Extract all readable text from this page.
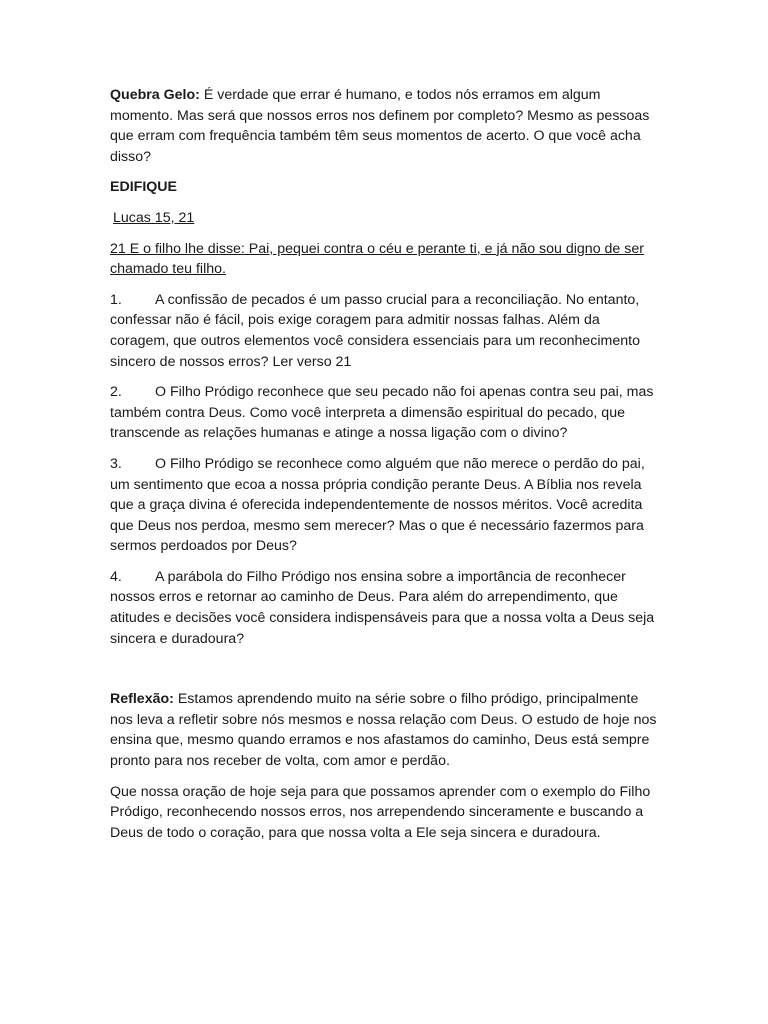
Quebra Gelo: É verdade que errar é humano, e todos nós erramos em algum momento. Mas será que nossos erros nos definem por completo? Mesmo as pessoas que erram com frequência também têm seus momentos de acerto. O que você acha disso?

EDIFIQUE

Lucas 15, 21

21 E o filho lhe disse: Pai, pequei contra o céu e perante ti, e já não sou digno de ser chamado teu filho.

1. A confissão de pecados é um passo crucial para a reconciliação. No entanto, confessar não é fácil, pois exige coragem para admitir nossas falhas. Além da coragem, que outros elementos você considera essenciais para um reconhecimento sincero de nossos erros? Ler verso 21

2. O Filho Pródigo reconhece que seu pecado não foi apenas contra seu pai, mas também contra Deus. Como você interpreta a dimensão espiritual do pecado, que transcende as relações humanas e atinge a nossa ligação com o divino?

3. O Filho Pródigo se reconhece como alguém que não merece o perdão do pai, um sentimento que ecoa a nossa própria condição perante Deus. A Bíblia nos revela que a graça divina é oferecida independentemente de nossos méritos. Você acredita que Deus nos perdoa, mesmo sem merecer? Mas o que é necessário fazermos para sermos perdoados por Deus?

4. A parábola do Filho Pródigo nos ensina sobre a importância de reconhecer nossos erros e retornar ao caminho de Deus. Para além do arrependimento, que atitudes e decisões você considera indispensáveis para que a nossa volta a Deus seja sincera e duradoura?

Reflexão: Estamos aprendendo muito na série sobre o filho pródigo, principalmente nos leva a refletir sobre nós mesmos e nossa relação com Deus. O estudo de hoje nos ensina que, mesmo quando erramos e nos afastamos do caminho, Deus está sempre pronto para nos receber de volta, com amor e perdão.

Que nossa oração de hoje seja para que possamos aprender com o exemplo do Filho Pródigo, reconhecendo nossos erros, nos arrependendo sinceramente e buscando a Deus de todo o coração, para que nossa volta a Ele seja sincera e duradoura.
